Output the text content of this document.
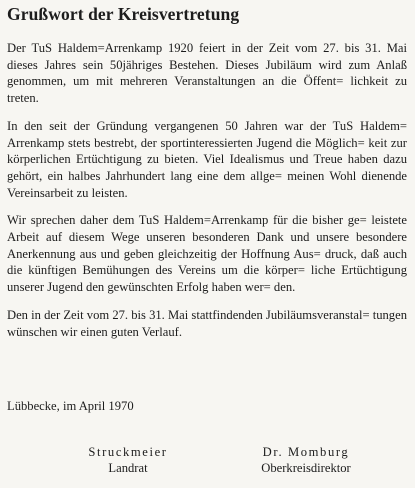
Grußwort der Kreisvertretung

Der TuS Haldem=Arrenkamp 1920 feiert in der Zeit vom 27. bis 31. Mai dieses Jahres sein 50jähriges Bestehen. Dieses Jubiläum wird zum Anlaß genommen, um mit mehreren Veranstaltungen an die Öffent= lichkeit zu treten.

In den seit der Gründung vergangenen 50 Jahren war der TuS Haldem= Arrenkamp stets bestrebt, der sportinteressierten Jugend die Möglich= keit zur körperlichen Ertüchtigung zu bieten. Viel Idealismus und Treue haben dazu gehört, ein halbes Jahrhundert lang eine dem allge= meinen Wohl dienende Vereinsarbeit zu leisten.

Wir sprechen daher dem TuS Haldem=Arrenkamp für die bisher ge= leistete Arbeit auf diesem Wege unseren besonderen Dank und unsere besondere Anerkennung aus und geben gleichzeitig der Hoffnung Aus= druck, daß auch die künftigen Bemühungen des Vereins um die körper= liche Ertüchtigung unserer Jugend den gewünschten Erfolg haben wer= den.

Den in der Zeit vom 27. bis 31. Mai stattfindenden Jubiläumsveranstal= tungen wünschen wir einen guten Verlauf.

Lübbecke, im April 1970
Struckmeier
Landrat
Dr. Momburg
Oberkreisdirektor
